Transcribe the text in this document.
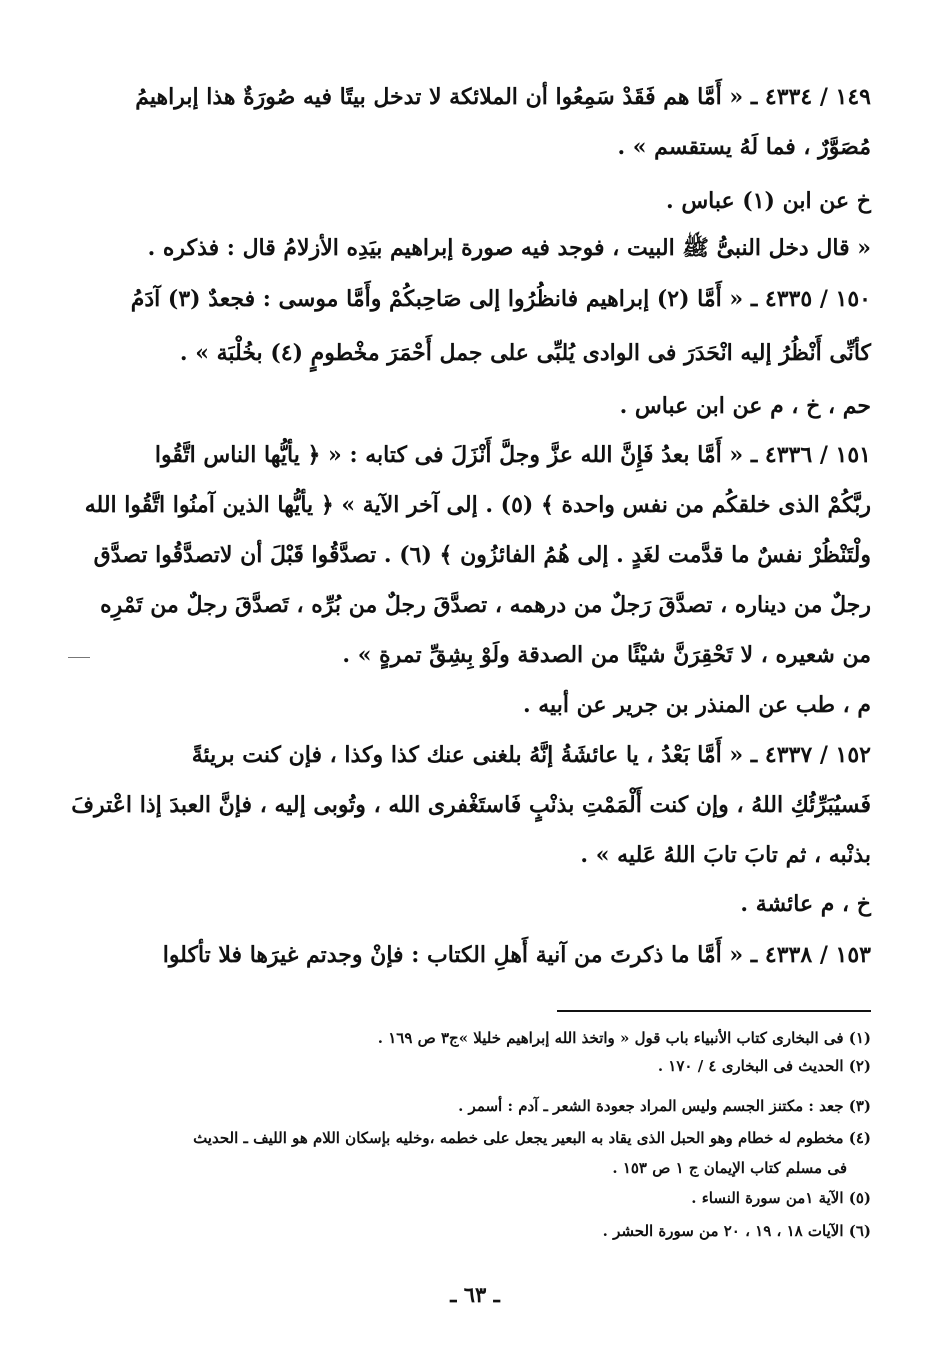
١٤٩ / ٤٣٣٤ ـ « أَمَّا هم فَقَدْ سَمِعُوا أن الملائكة لا تدخل بيتًا فيه صُورَةٌ هذا إبراهيمُ
مُصَوَّرٌ ، فما لَهُ يستقسم » .
خ عن ابن (١) عباس .
« قال دخل النبىُّ ﷺ البيت ، فوجد فيه صورة إبراهيم بيَدِه الأزلامُ قال : فذكره .
١٥٠ / ٤٣٣٥ ـ « أَمَّا (٢) إبراهيم فانظُرُوا إلى صَاحِبكُمْ وأَمَّا موسى : فجعدٌ (٣) آدَمُ
كأنِّى أَنْظُرُ إليه انْحَدَرَ فى الوادى يُلبِّى على جمل أَحْمَرَ مخْطومٍ (٤) بخُلْبَة » .
حم ، خ ، م عن ابن عباس .
١٥١ / ٤٣٣٦ ـ « أَمَّا بعدُ فَإِنَّ الله عزَّ وجلَّ أَنْزَلَ فى كتابه : « ﴿ يأيُّها الناس اتَّقُوا
ربَّكُمْ الذى خلقكُم من نفس واحدة ﴾ (٥) . إلى آخر الآية » ﴿ يأيُّها الذين آمنُوا اتَّقُوا الله
ولْتَنْظُرْ نفسٌ ما قدَّمت لغَدٍ . إلى هُمُ الفائزُون ﴾ (٦) . تصدَّقُوا قَبْلَ أن لاتصدَّقُوا تصدَّق
رجلٌ من ديناره ، تصدَّقَ رَجلٌ من درهمه ، تصدَّقَ رجلٌ من بُرِّه ، تَصدَّقَ رجلٌ من تَمْرِه
من شعيره ، لا تَحْقِرَنَّ شيْئًا من الصدقة ولَوْ بِشِقِّ تمرةٍ » .
م ، طب عن المنذر بن جرير عن أبيه .
١٥٢ / ٤٣٣٧ ـ « أَمَّا بَعْدُ ، يا عائشَةُ إنَّهُ بلغنى عنك كذا وكذا ، فإن كنت بريئةً
فَسيُبَرِّئُكِ اللهُ ، وإن كنت أَلْمَمْتِ بذنْبٍ فَاستَغْفرى الله ، وتُوبى إليه ، فإنَّ العبدَ إذا اعْترفَ
بذنْبه ، ثم تابَ تابَ اللهُ عَليه » .
خ ، م عائشة .
١٥٣ / ٤٣٣٨ ـ « أَمَّا ما ذكرتَ من آنية أَهلِ الكتاب : فإنْ وجدتم غيرَها فلا تأكلوا
(١) فى البخارى كتاب الأنبياء باب قول « واتخذ الله إبراهيم خليلا »ج٣ ص ١٦٩ .
(٢) الحديث فى البخارى ٤ / ١٧٠ .
(٣) جعد : مكتنز الجسم وليس المراد جعودة الشعر ـ آدم : أسمر .
(٤) مخطوم له خطام وهو الحبل الذى يقاد به البعير يجعل على خطمه ،وخليه بإسكان اللام هو الليف ـ الحديث
فى مسلم كتاب الإيمان ج ١ ص ١٥٣ .
(٥) الآية ١من سورة النساء .
(٦) الآيات ١٨ ، ١٩ ، ٢٠ من سورة الحشر .
ـ ٦٣ ـ
